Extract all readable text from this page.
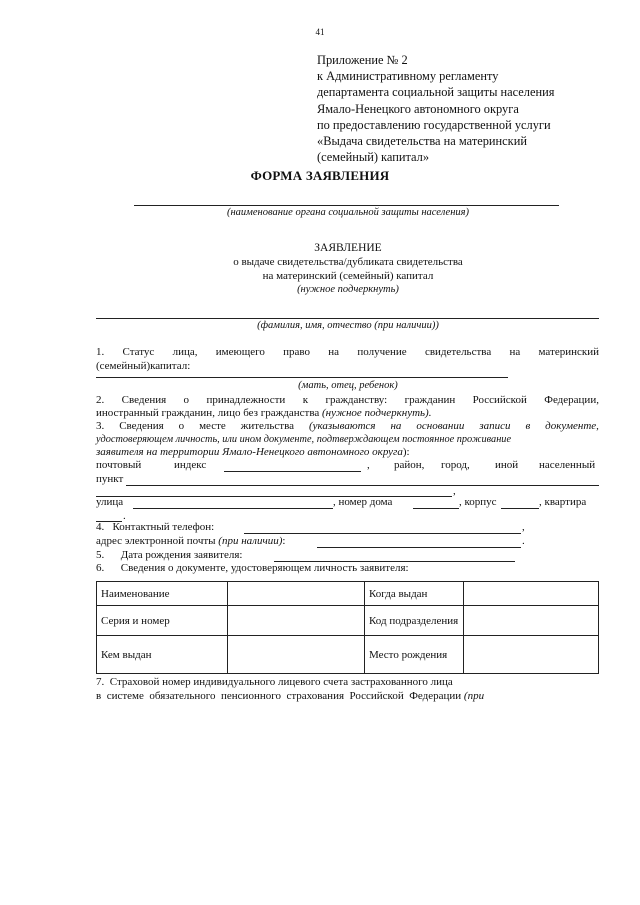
41
Приложение № 2
к Административному регламенту
департамента социальной защиты населения
Ямало-Ненецкого автономного округа
по предоставлению государственной услуги
«Выдача свидетельства на материнский
(семейный) капитал»
ФОРМА ЗАЯВЛЕНИЯ
(наименование органа социальной защиты населения)
ЗАЯВЛЕНИЕ
о выдаче свидетельства/дубликата свидетельства
на материнский (семейный) капитал
(нужное подчеркнуть)
(фамилия, имя, отчество (при наличии))
1. Статус лица, имеющего право на получение свидетельства на материнский
(семейный)капитал:
(мать, отец, ребенок)
2. Сведения о принадлежности к гражданству: гражданин Российской Федерации,
иностранный гражданин, лицо без гражданства (нужное подчеркнуть).
3. Сведения о месте жительства (указываются на основании записи в документе,
удостоверяющем личность, или ином документе, подтверждающем постоянное проживание
заявителя на территории Ямало-Ненецкого автономного округа):
почтовый индекс	, район, город, иной населенный
пункт
,
улица	, номер дома	, корпус	, квартира
.
4.   Контактный телефон:	,
адрес электронной почты (при наличии):	.
5.      Дата рождения заявителя:
6.      Сведения о документе, удостоверяющем личность заявителя:
Наименование		Когда выдан	
Серия и номер		Код подразделения	
Кем выдан		Место рождения	
7.  Страховой номер индивидуального лицевого счета застрахованного лица
в  системе  обязательного  пенсионного  страхования  Российской  Федерации (при
